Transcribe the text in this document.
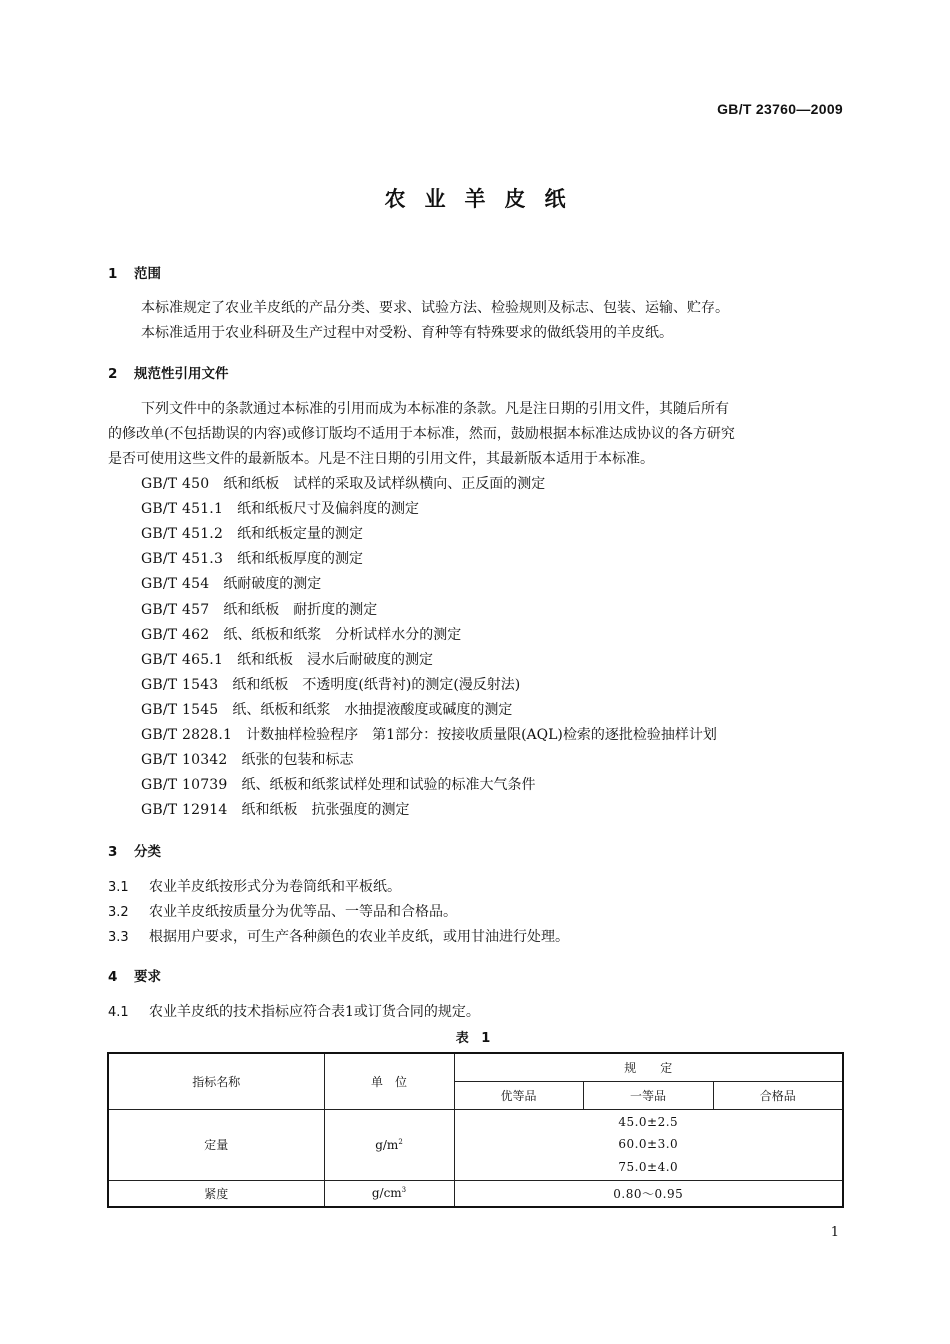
GB/T 23760—2009
农业羊皮纸
1 范围
本标准规定了农业羊皮纸的产品分类、要求、试验方法、检验规则及标志、包装、运输、贮存。
本标准适用于农业科研及生产过程中对受粉、育种等有特殊要求的做纸袋用的羊皮纸。
2 规范性引用文件
下列文件中的条款通过本标准的引用而成为本标准的条款。凡是注日期的引用文件，其随后所有
的修改单(不包括勘误的内容)或修订版均不适用于本标准，然而，鼓励根据本标准达成协议的各方研究
是否可使用这些文件的最新版本。凡是不注日期的引用文件，其最新版本适用于本标准。
GB/T 450　 纸和纸板　试样的采取及试样纵横向、正反面的测定
GB/T 451.1　 纸和纸板尺寸及偏斜度的测定
GB/T 451.2　 纸和纸板定量的测定
GB/T 451.3　 纸和纸板厚度的测定
GB/T 454　 纸耐破度的测定
GB/T 457　 纸和纸板　耐折度的测定
GB/T 462　 纸、纸板和纸浆　分析试样水分的测定
GB/T 465.1　 纸和纸板　浸水后耐破度的测定
GB/T 1543　 纸和纸板　不透明度(纸背衬)的测定(漫反射法)
GB/T 1545　 纸、纸板和纸浆　水抽提液酸度或碱度的测定
GB/T 2828.1　 计数抽样检验程序　第1部分：按接收质量限(AQL)检索的逐批检验抽样计划
GB/T 10342　 纸张的包装和标志
GB/T 10739　 纸、纸板和纸浆试样处理和试验的标准大气条件
GB/T 12914　 纸和纸板　抗张强度的测定
3 分类
3.1 农业羊皮纸按形式分为卷筒纸和平板纸。
3.2 农业羊皮纸按质量分为优等品、一等品和合格品。
3.3 根据用户要求，可生产各种颜色的农业羊皮纸，或用甘油进行处理。
4 要求
4.1 农业羊皮纸的技术指标应符合表1或订货合同的规定。
表 1
指标名称	单　位	规　　定		
		优等品	一等品	合格品
定量	$g/m^2$	45.0±2.5
60.0±3.0
75.0±4.0		

紧度	$g/cm^3$	0.80～0.95		
1
